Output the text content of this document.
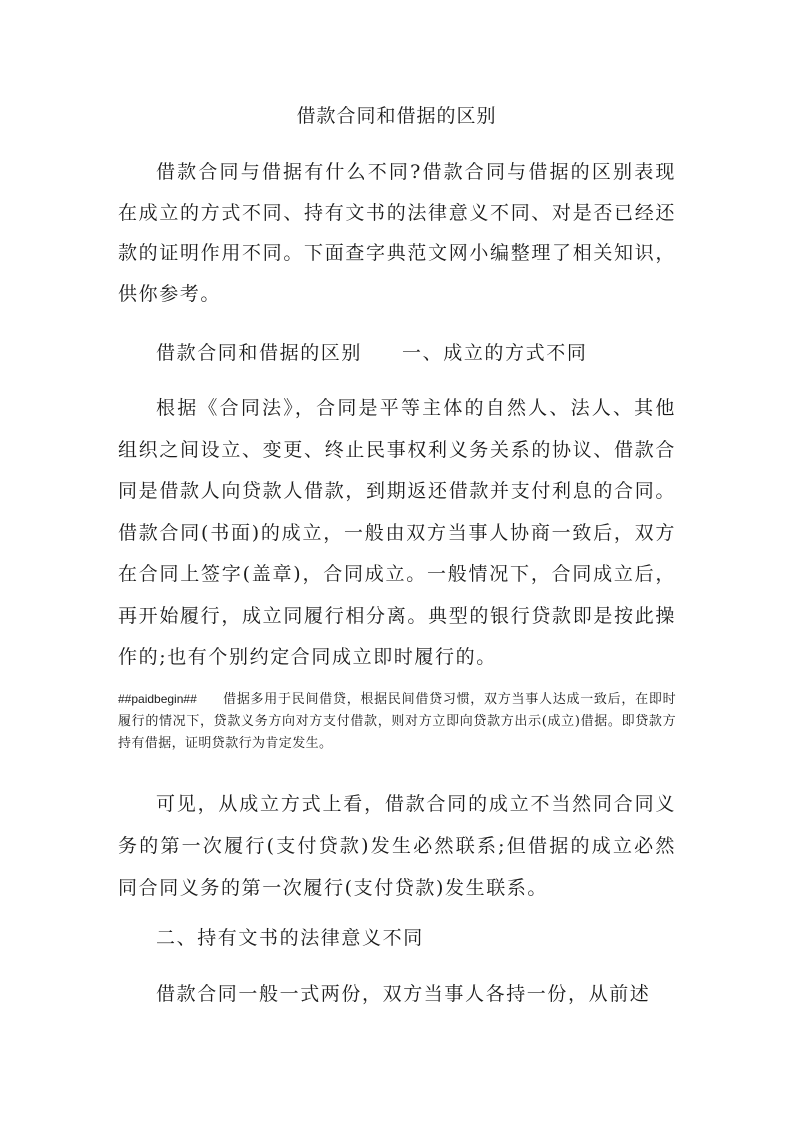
借款合同和借据的区别
借款合同与借据有什么不同?借款合同与借据的区别表现在成立的方式不同、持有文书的法律意义不同、对是否已经还款的证明作用不同。下面查字典范文网小编整理了相关知识，供你参考。
借款合同和借据的区别 一、成立的方式不同
根据《合同法》，合同是平等主体的自然人、法人、其他组织之间设立、变更、终止民事权利义务关系的协议、借款合同是借款人向贷款人借款，到期返还借款并支付利息的合同。借款合同(书面)的成立，一般由双方当事人协商一致后，双方在合同上签字(盖章)，合同成立。一般情况下，合同成立后，再开始履行，成立同履行相分离。典型的银行贷款即是按此操作的;也有个别约定合同成立即时履行的。
##paidbegin## 借据多用于民间借贷，根据民间借贷习惯，双方当事人达成一致后，在即时履行的情况下，贷款义务方向对方支付借款，则对方立即向贷款方出示(成立)借据。即贷款方持有借据，证明贷款行为肯定发生。
可见，从成立方式上看，借款合同的成立不当然同合同义务的第一次履行(支付贷款)发生必然联系;但借据的成立必然同合同义务的第一次履行(支付贷款)发生联系。
二、持有文书的法律意义不同
借款合同一般一式两份，双方当事人各持一份，从前述
